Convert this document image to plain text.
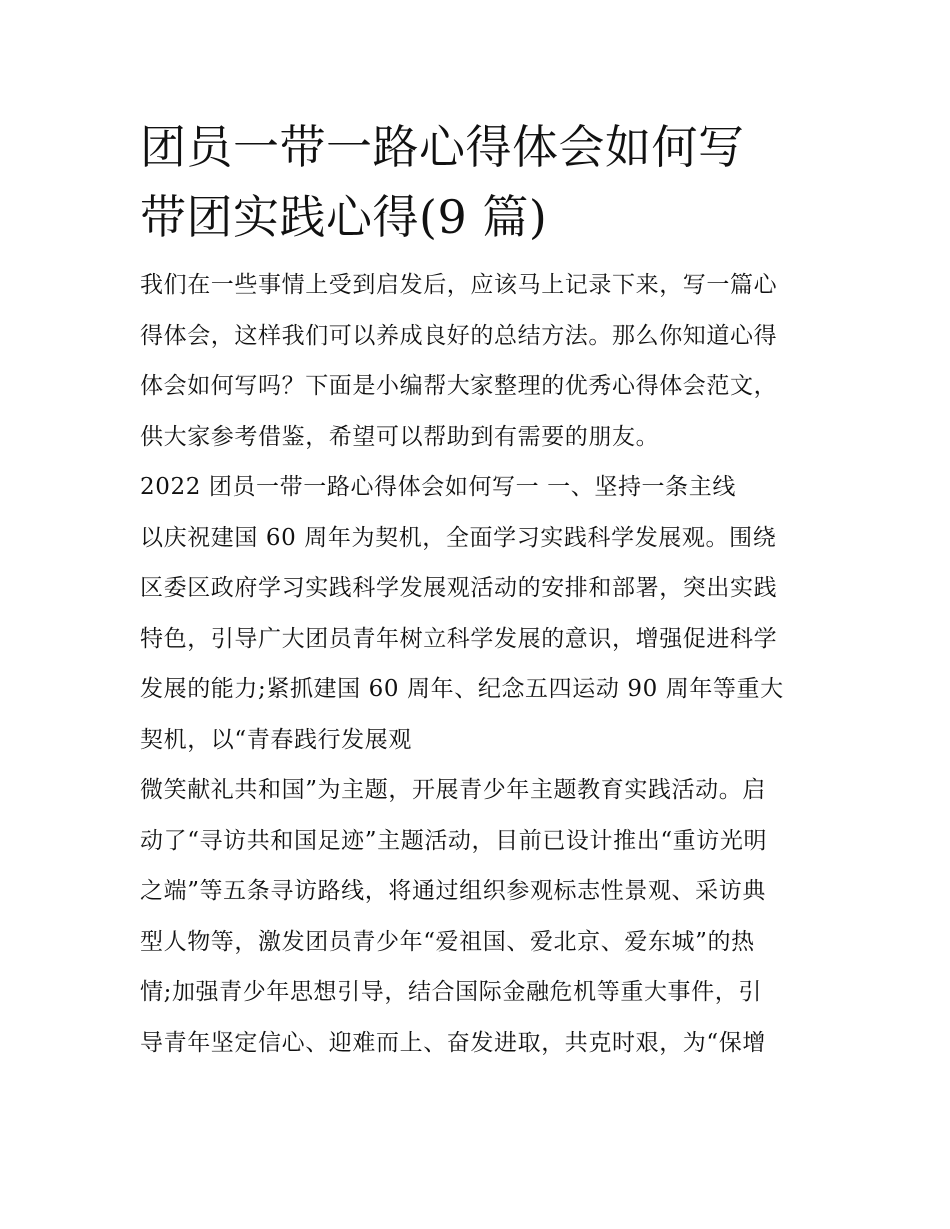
团员一带一路心得体会如何写
带团实践心得(9 篇)
我们在一些事情上受到启发后，应该马上记录下来，写一篇心
得体会，这样我们可以养成良好的总结方法。那么你知道心得
体会如何写吗？下面是小编帮大家整理的优秀心得体会范文，
供大家参考借鉴，希望可以帮助到有需要的朋友。
2022 团员一带一路心得体会如何写一 一、坚持一条主线
以庆祝建国 60 周年为契机，全面学习实践科学发展观。围绕
区委区政府学习实践科学发展观活动的安排和部署，突出实践
特色，引导广大团员青年树立科学发展的意识，增强促进科学
发展的能力;紧抓建国 60 周年、纪念五四运动 90 周年等重大
契机，以“青春践行发展观
微笑献礼共和国”为主题，开展青少年主题教育实践活动。启
动了“寻访共和国足迹”主题活动，目前已设计推出“重访光明
之端”等五条寻访路线，将通过组织参观标志性景观、采访典
型人物等，激发团员青少年“爱祖国、爱北京、爱东城”的热
情;加强青少年思想引导，结合国际金融危机等重大事件，引
导青年坚定信心、迎难而上、奋发进取，共克时艰，为“保增
